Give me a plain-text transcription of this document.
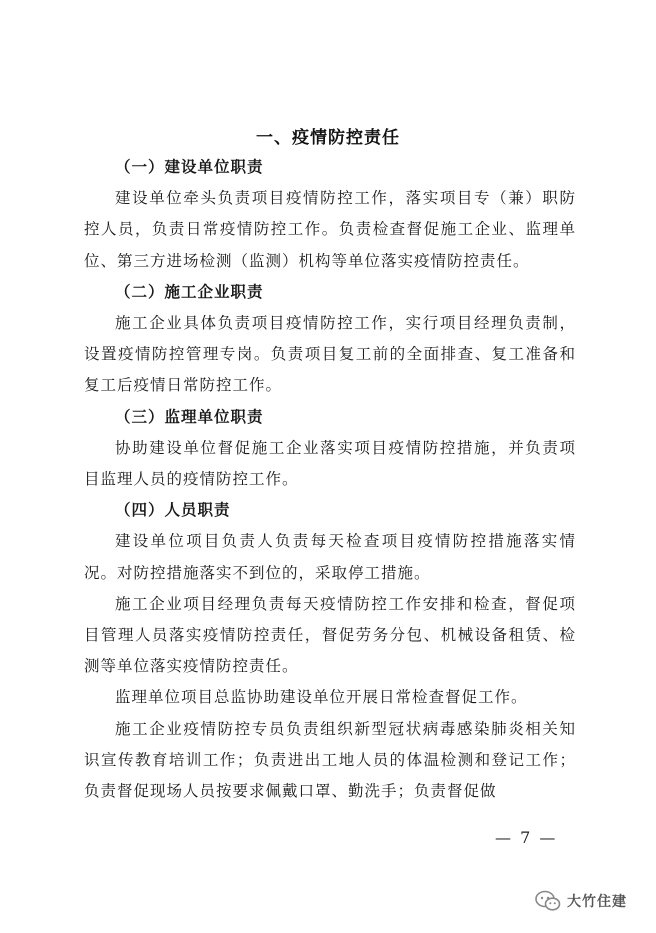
一、疫情防控责任

（一）建设单位职责

建设单位牵头负责项目疫情防控工作，落实项目专（兼）职防控人员，负责日常疫情防控工作。负责检查督促施工企业、监理单位、第三方进场检测（监测）机构等单位落实疫情防控责任。

（二）施工企业职责

施工企业具体负责项目疫情防控工作，实行项目经理负责制，设置疫情防控管理专岗。负责项目复工前的全面排查、复工准备和复工后疫情日常防控工作。

（三）监理单位职责

协助建设单位督促施工企业落实项目疫情防控措施，并负责项目监理人员的疫情防控工作。

（四）人员职责

建设单位项目负责人负责每天检查项目疫情防控措施落实情况。对防控措施落实不到位的，采取停工措施。

施工企业项目经理负责每天疫情防控工作安排和检查，督促项目管理人员落实疫情防控责任，督促劳务分包、机械设备租赁、检测等单位落实疫情防控责任。

监理单位项目总监协助建设单位开展日常检查督促工作。

施工企业疫情防控专员负责组织新型冠状病毒感染肺炎相关知识宣传教育培训工作；负责进出工地人员的体温检测和登记工作；负责督促现场人员按要求佩戴口罩、勤洗手；负责督促做

— 7 —
大竹住建
